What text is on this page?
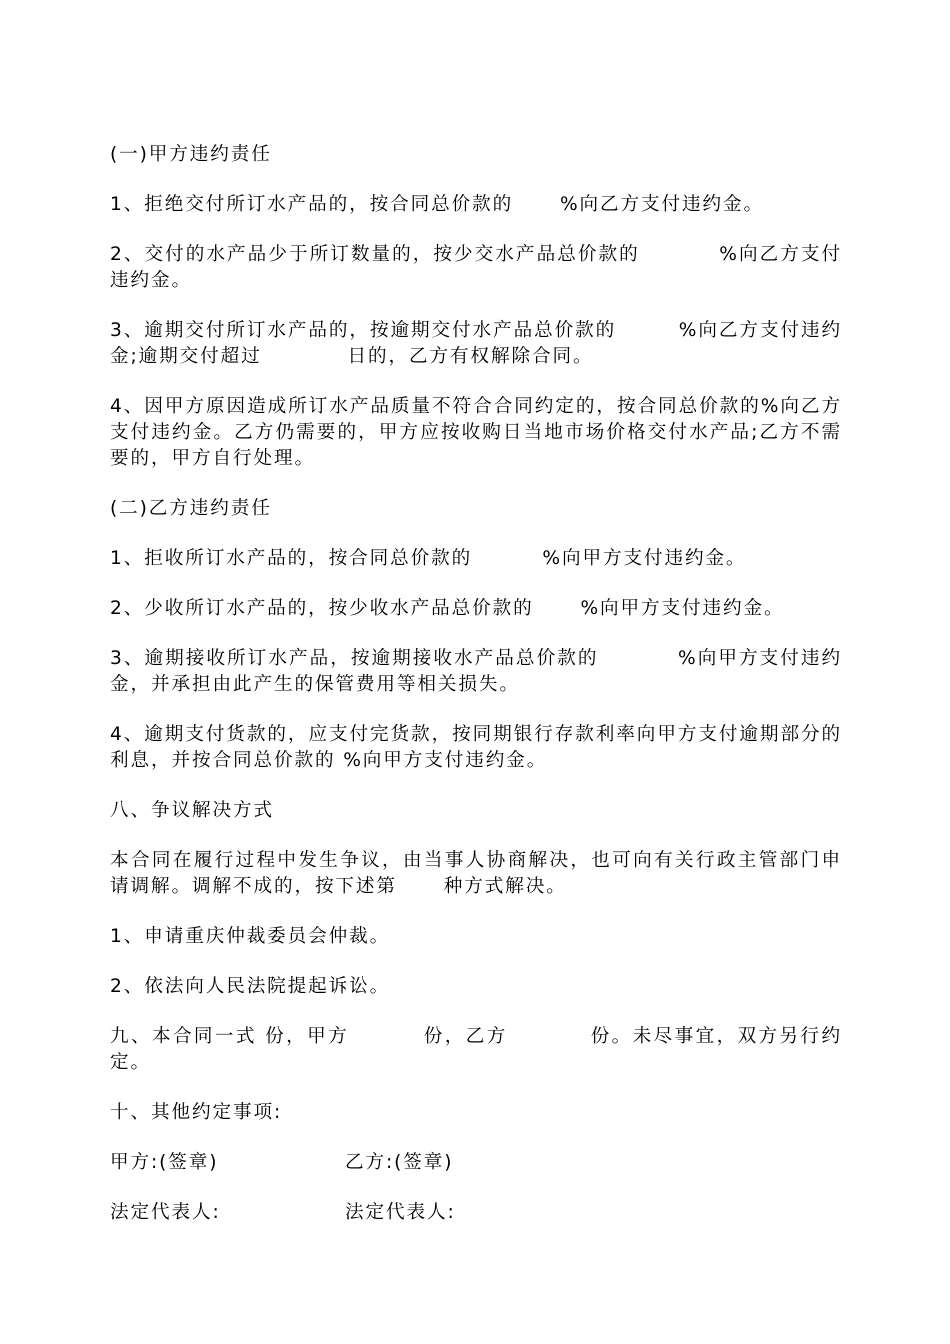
(一)甲方违约责任

1、拒绝交付所订水产品的，按合同总价款的      %向乙方支付违约金。

2、交付的水产品少于所订数量的，按少交水产品总价款的          %向乙方支付违约金。

3、逾期交付所订水产品的，按逾期交付水产品总价款的        %向乙方支付违约金;逾期交付超过           日的，乙方有权解除合同。

4、因甲方原因造成所订水产品质量不符合合同约定的，按合同总价款的%向乙方支付违约金。乙方仍需要的，甲方应按收购日当地市场价格交付水产品;乙方不需要的，甲方自行处理。

(二)乙方违约责任

1、拒收所订水产品的，按合同总价款的         %向甲方支付违约金。

2、少收所订水产品的，按少收水产品总价款的      %向甲方支付违约金。

3、逾期接收所订水产品，按逾期接收水产品总价款的          %向甲方支付违约金，并承担由此产生的保管费用等相关损失。

4、逾期支付货款的，应支付完货款，按同期银行存款利率向甲方支付逾期部分的利息，并按合同总价款的 %向甲方支付违约金。

八、争议解决方式

本合同在履行过程中发生争议，由当事人协商解决，也可向有关行政主管部门申请调解。调解不成的，按下述第      种方式解决。

1、申请重庆仲裁委员会仲裁。

2、依法向人民法院提起诉讼。

九、本合同一式 份，甲方         份，乙方          份。未尽事宜，双方另行约定。

十、其他约定事项:

甲方:(签章)	乙方:(签章)
法定代表人:	法定代表人:
